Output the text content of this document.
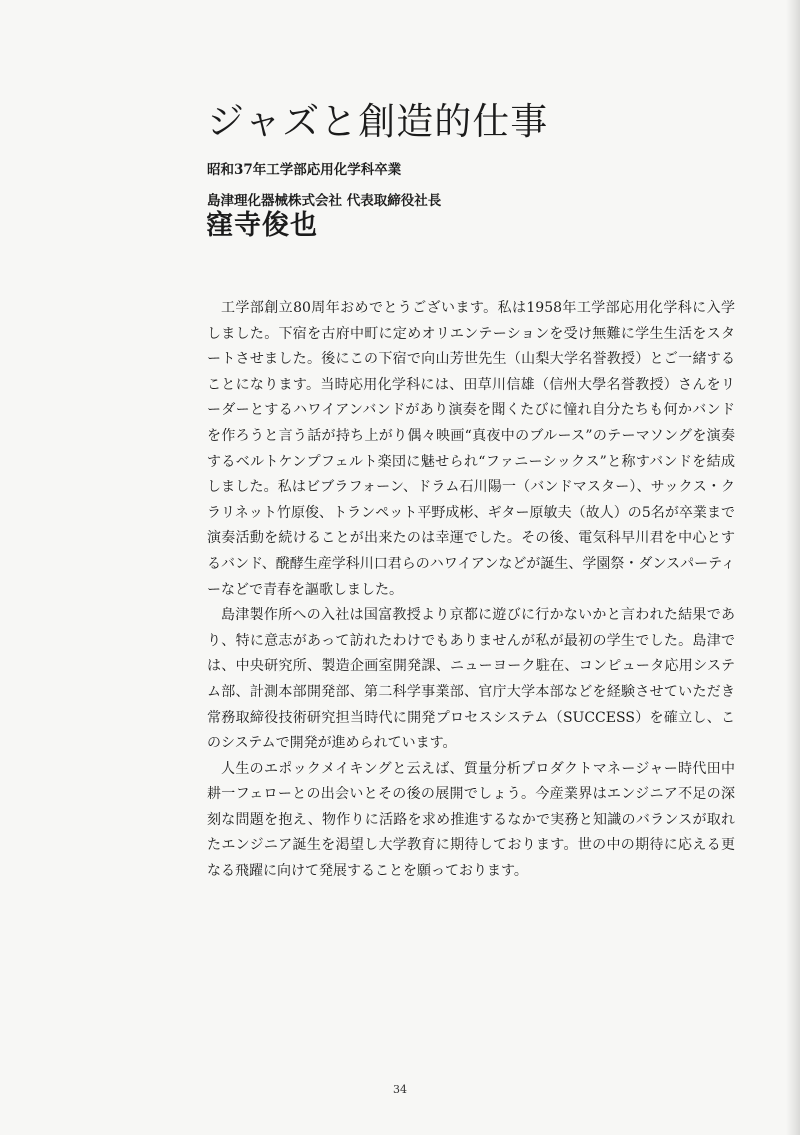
ジャズと創造的仕事
昭和37年工学部応用化学科卒業
島津理化器械株式会社 代表取締役社長
窪寺俊也

工学部創立80周年おめでとうございます。私は1958年工学部応用化学科に入学しました。下宿を古府中町に定めオリエンテーションを受け無難に学生生活をスタートさせました。後にこの下宿で向山芳世先生（山梨大学名誉教授）とご一緒することになります。当時応用化学科には、田草川信雄（信州大學名誉教授）さんをリーダーとするハワイアンバンドがあり演奏を聞くたびに憧れ自分たちも何かバンドを作ろうと言う話が持ち上がり偶々映画“真夜中のブルース”のテーマソングを演奏するベルトケンプフェルト楽団に魅せられ“ファニーシックス”と称すバンドを結成しました。私はビブラフォーン、ドラム石川陽一（バンドマスター）、サックス・クラリネット竹原俊、トランペット平野成彬、ギター原敏夫（故人）の5名が卒業まで演奏活動を続けることが出来たのは幸運でした。その後、電気科早川君を中心とするバンド、醗酵生産学科川口君らのハワイアンなどが誕生、学園祭・ダンスパーティーなどで青春を謳歌しました。

島津製作所への入社は国富教授より京都に遊びに行かないかと言われた結果であり、特に意志があって訪れたわけでもありませんが私が最初の学生でした。島津では、中央研究所、製造企画室開発課、ニューヨーク駐在、コンピュータ応用システム部、計測本部開発部、第二科学事業部、官庁大学本部などを経験させていただき常務取締役技術研究担当時代に開発プロセスシステム（SUCCESS）を確立し、このシステムで開発が進められています。

人生のエポックメイキングと云えば、質量分析プロダクトマネージャー時代田中耕一フェローとの出会いとその後の展開でしょう。今産業界はエンジニア不足の深刻な問題を抱え、物作りに活路を求め推進するなかで実務と知識のバランスが取れたエンジニア誕生を渇望し大学教育に期待しております。世の中の期待に応える更なる飛躍に向けて発展することを願っております。

34
